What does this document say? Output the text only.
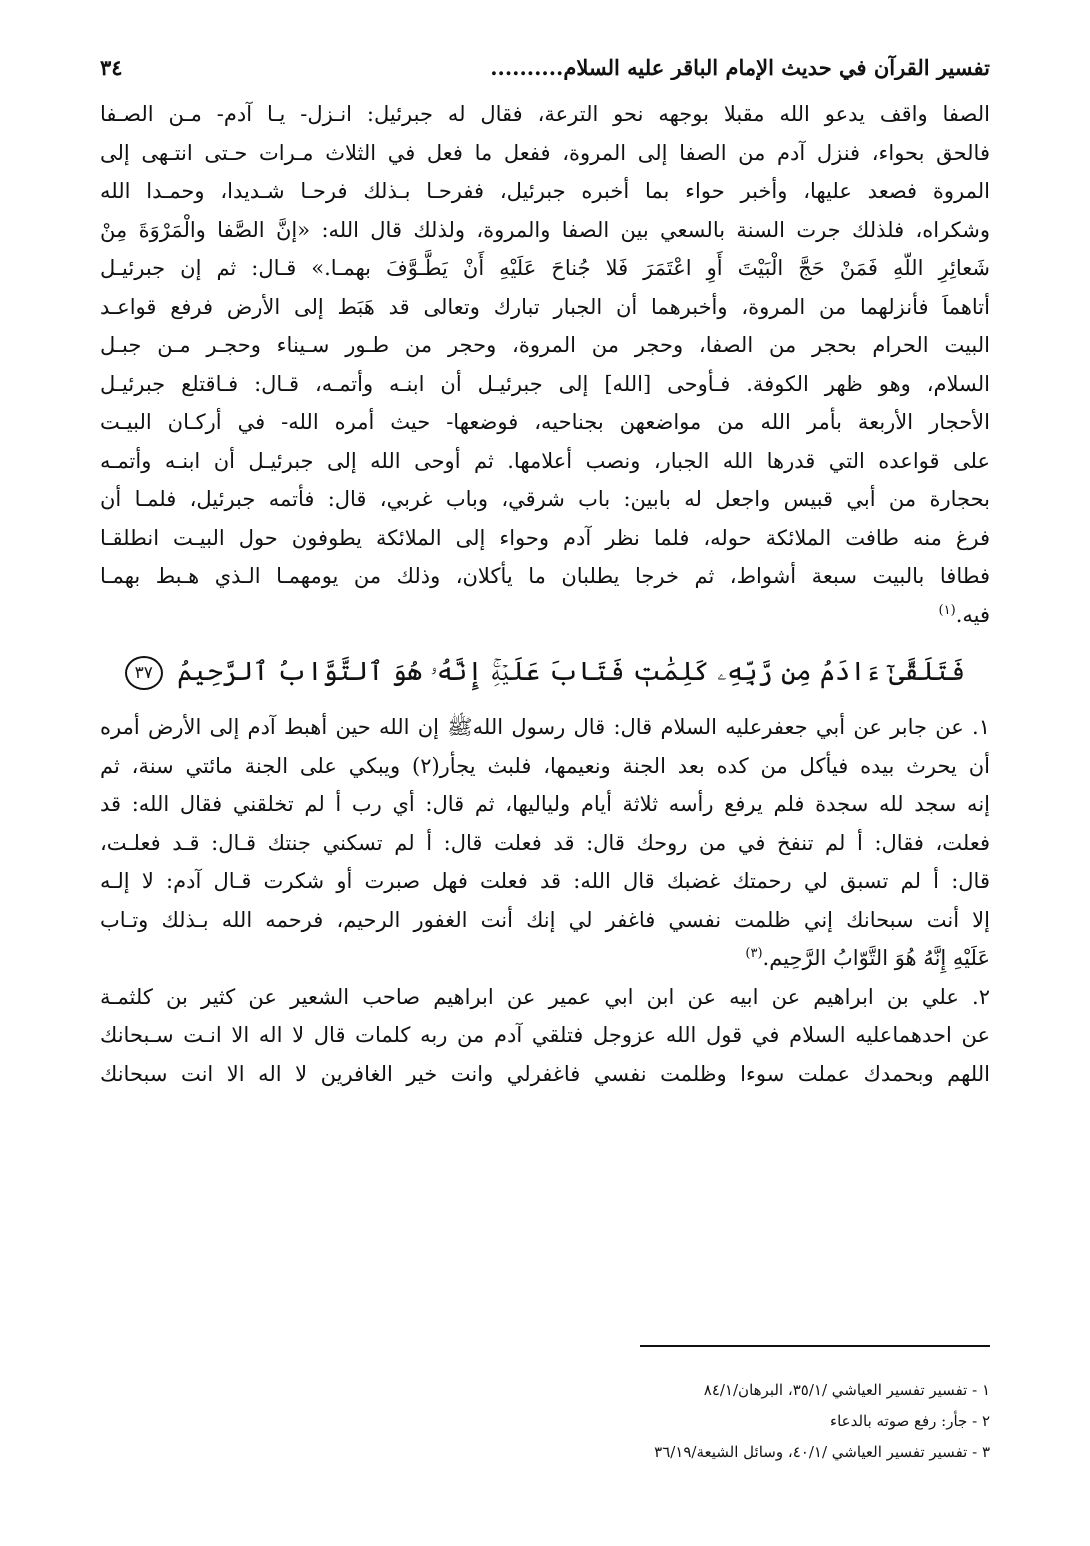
تفسير القرآن في حديث الإمام الباقر عليه السلام..........
٣٤
الصفا واقف يدعو الله مقبلا بوجهه نحو الترعة، فقال له جبرئيل: انـزل- يـا آدم- مـن الصـفا
فالحق بحواء، فنزل آدم من الصفا إلى المروة، ففعل ما فعل في الثلاث مـرات حـتى انتـهى إلى
المروة فصعد عليها، وأخبر حواء بما أخبره جبرئيل، ففرحـا بـذلك فرحـا شـديدا، وحمـدا الله
وشكراه، فلذلك جرت السنة بالسعي بين الصفا والمروة، ولذلك قال الله: «إنَّ الصَّفا والْمَرْوَةَ مِنْ
شَعائِرِ اللّهِ فَمَنْ حَجَّ الْبَيْتَ أَوِ اعْتَمَرَ فَلا جُناحَ عَلَيْهِ أَنْ يَطَّـوَّفَ بهمـا.» قـال: ثم إن جبرئيـل
أتاهماَ فأنزلهما من المروة، وأخبرهما أن الجبار تبارك وتعالى قد هَبَط إلى الأرض فرفع قواعـد
البيت الحرام بحجر من الصفا، وحجر من المروة، وحجر من طـور سـيناء وحجـر مـن جبـل
السلام، وهو ظهر الكوفة. فـأوحى [الله] إلى جبرئيـل أن ابنـه وأتمـه، قـال: فـاقتلع جبرئيـل
الأحجار الأربعة بأمر الله من مواضعهن بجناحيه، فوضعها- حيث أمره الله- في أركـان البيـت
على قواعده التي قدرها الله الجبار، ونصب أعلامها. ثم أوحى الله إلى جبرئيـل أن ابنـه وأتمـه
بحجارة من أبي قبيس واجعل له بابين: باب شرقي، وباب غربي، قال: فأتمه جبرئيل، فلمـا أن
فرغ منه طافت الملائكة حوله، فلما نظر آدم وحواء إلى الملائكة يطوفون حول البيـت انطلقـا
فطافا بالبيت سبعة أشواط، ثم خرجا يطلبان ما يأكلان، وذلك من يومهمـا الـذي هـبط بهمـا
فيه.$^{(١)}$
فَتَلَقَّىٰٓ ءَادَمُ مِن رَّبِّهِۦ كَلِمَٰتٖ فَتَابَ عَلَيۡهِۚ إِنَّهُۥ هُوَ ٱلتَّوَّابُ ٱلرَّحِيمُ ٣٧
١. عن جابر عن أبي جعفرعليه السلام قال: قال رسول اللهﷺ إن الله حين أهبط آدم إلى الأرض أمره
أن يحرث بيده فيأكل من كده بعد الجنة ونعيمها، فلبث يجأر(٢) ويبكي على الجنة مائتي سنة، ثم
إنه سجد لله سجدة فلم يرفع رأسه ثلاثة أيام ولياليها، ثم قال: أي رب أ لم تخلقني فقال الله: قد
فعلت، فقال: أ لم تنفخ في من روحك قال: قد فعلت قال: أ لم تسكني جنتك قـال: قـد فعلـت،
قال: أ لم تسبق لي رحمتك غضبك قال الله: قد فعلت فهل صبرت أو شكرت قـال آدم: لا إلـه
إلا أنت سبحانك إني ظلمت نفسي فاغفر لي إنك أنت الغفور الرحيم، فرحمه الله بـذلك وتـاب
عَلَيْهِ إِنَّهُ هُوَ التَّوّابُ الرَّحِيم.$^{(٣)}$
٢. علي بن ابراهيم عن ابيه عن ابن ابي عمير عن ابراهيم صاحب الشعير عن كثير بن كلثمـة
عن احدهماعليه السلام في قول الله عزوجل فتلقي آدم من ربه كلمات قال لا اله الا انـت سـبحانك
اللهم وبحمدك عملت سوءا وظلمت نفسي فاغفرلي وانت خير الغافرين لا اله الا انت سبحانك
١ - تفسير تفسير العياشي /٣٥/١، البرهان/٨٤/١
٢ - جأر: رفع صوته بالدعاء
٣ - تفسير تفسير العياشي /٤٠/١، وسائل الشيعة/٣٦/١٩
